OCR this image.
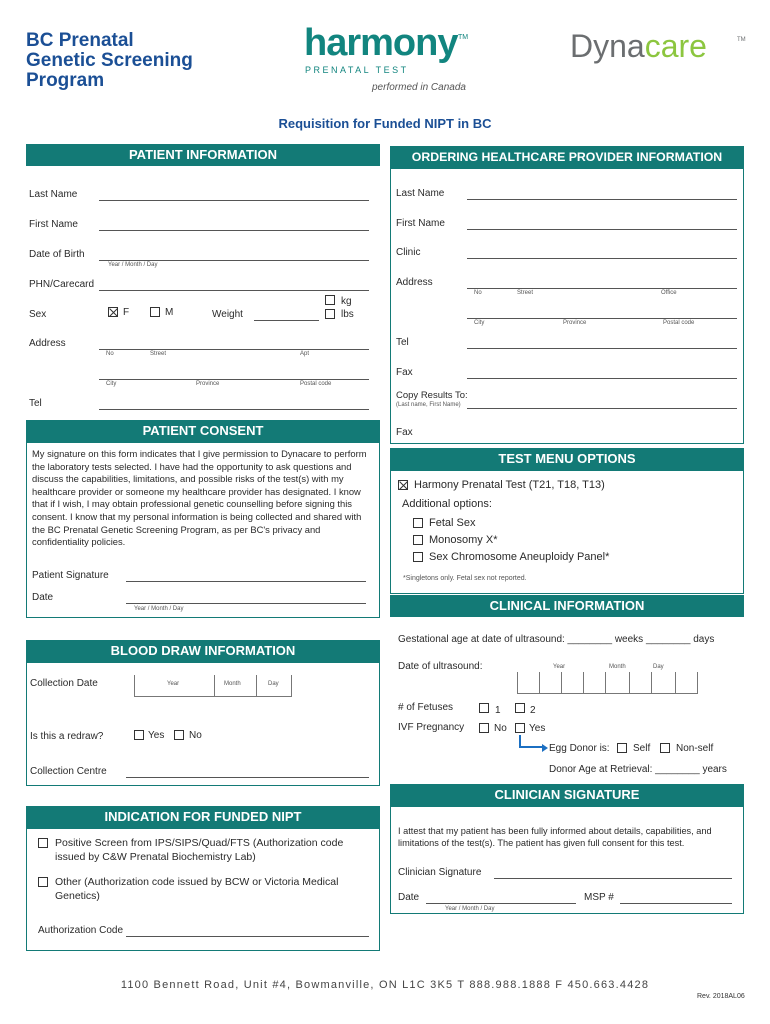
BC Prenatal
Genetic Screening
Program
harmony TM
PRENATAL TEST
performed in Canada
Dynacare	TM
Requisition for Funded NIPT in BC
PATIENT INFORMATION
Last Name
First Name
Date of Birth
Year / Month / Day
PHN/Carecard
Sex	F	M	Weight
kg
lbs
Address
No	Street	Apt
City	Province	Postal code
Tel
ORDERING HEALTHCARE PROVIDER INFORMATION
Last Name
First Name
Clinic
Address
No	Street	Office
City	Province	Postal code
Tel
Fax
Copy Results To:
(Last name, First Name)
Fax
PATIENT CONSENT
My signature on this form indicates that I give permission to Dynacare to perform the laboratory tests selected. I have had the opportunity to ask questions and discuss the capabilities, limitations, and possible risks of the test(s) with my healthcare provider or someone my healthcare provider has designated. I know that if I wish, I may obtain professional genetic counselling before signing this consent. I know that my personal information is being collected and shared with the BC Prenatal Genetic Screening Program, as per BC's privacy and confidentiality policies.
Patient Signature
Date
Year / Month / Day
TEST MENU OPTIONS
Harmony Prenatal Test (T21, T18, T13)
Additional options:
Fetal Sex
Monosomy X*
Sex Chromosome Aneuploidy Panel*
*Singletons only. Fetal sex not reported.
CLINICAL INFORMATION
Gestational age at date of ultrasound: ________ weeks ________ days
Date of ultrasound:	Year	Month	Day
# of Fetuses	1	2
IVF Pregnancy	No Yes
Egg Donor is: Self	Non-self
Donor Age at Retrieval: ________ years
BLOOD DRAW INFORMATION
Collection Date	Year	Month	Day
Is this a redraw?	Yes No
Collection Centre
CLINICIAN SIGNATURE
I attest that my patient has been fully informed about details, capabilities, and limitations of the test(s). The patient has given full consent for this test.
Clinician Signature
Date
Year / Month / Day
MSP #
INDICATION FOR FUNDED NIPT
Positive Screen from IPS/SIPS/Quad/FTS (Authorization code issued by C&W Prenatal Biochemistry Lab)
Other (Authorization code issued by BCW or Victoria Medical Genetics)
Authorization Code
1100 Bennett Road, Unit #4, Bowmanville, ON L1C 3K5 T 888.988.1888 F 450.663.4428
Rev. 2018AL06
